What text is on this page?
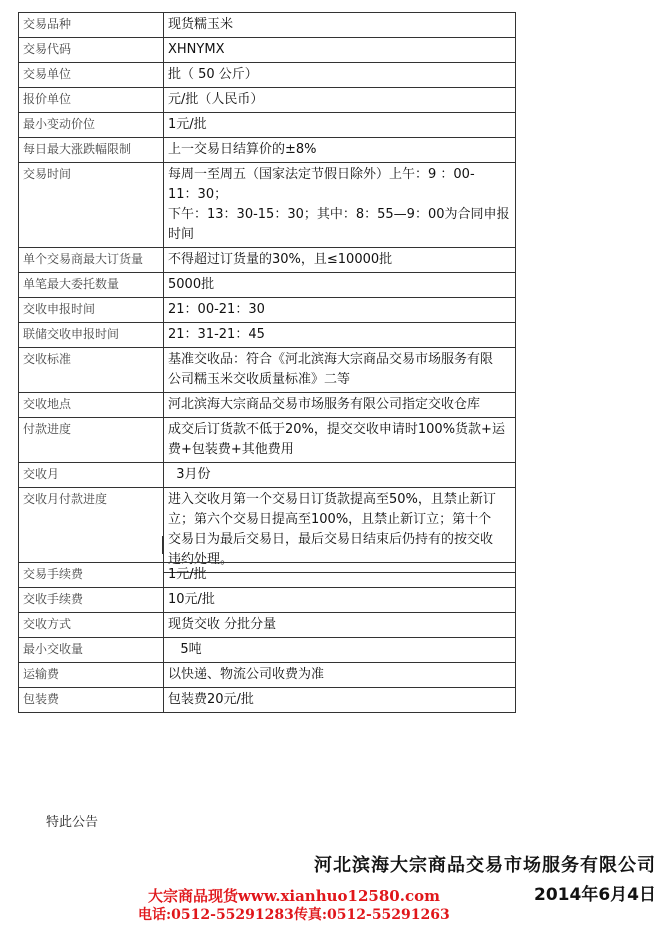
交易品种	现货糯玉米

交易代码	XHNYMX

交易单位	批（ 50 公斤）

报价单位	元/批（人民币）

最小变动价位	1元/批

每日最大涨跌幅限制	上一交易日结算价的±8%

交易时间	每周一至周五（国家法定节假日除外）上午：9 ：00-
11：30；
下午：13：30-15：30；其中：8：55—9：00为合同申报
时间

单个交易商最大订货量	不得超过订货量的30%，且≤10000批

单笔最大委托数量	5000批

交收申报时间	21：00-21：30

联储交收申报时间	21：31-21：45

交收标准	基准交收品：符合《河北滨海大宗商品交易市场服务有限
公司糯玉米交收质量标准》二等

交收地点	河北滨海大宗商品交易市场服务有限公司指定交收仓库

付款进度	成交后订货款不低于20%，提交交收申请时100%货款+运
费+包装费+其他费用

交收月	3月份

交收月付款进度	进入交收月第一个交易日订货款提高至50%，且禁止新订
立；第六个交易日提高至100%，且禁止新订立；第十个
交易日为最后交易日，最后交易日结束后仍持有的按交收
违约处理。
交易手续费	1元/批

交收手续费	10元/批

交收方式	现货交收 分批分量

最小交收量	5吨

运输费	以快递、物流公司收费为准

包装费	包装费20元/批
特此公告
河北滨海大宗商品交易市场服务有限公司
2014年6月4日
大宗商品现货www.xianhuo12580.com
电话:0512-55291283传真:0512-55291263
